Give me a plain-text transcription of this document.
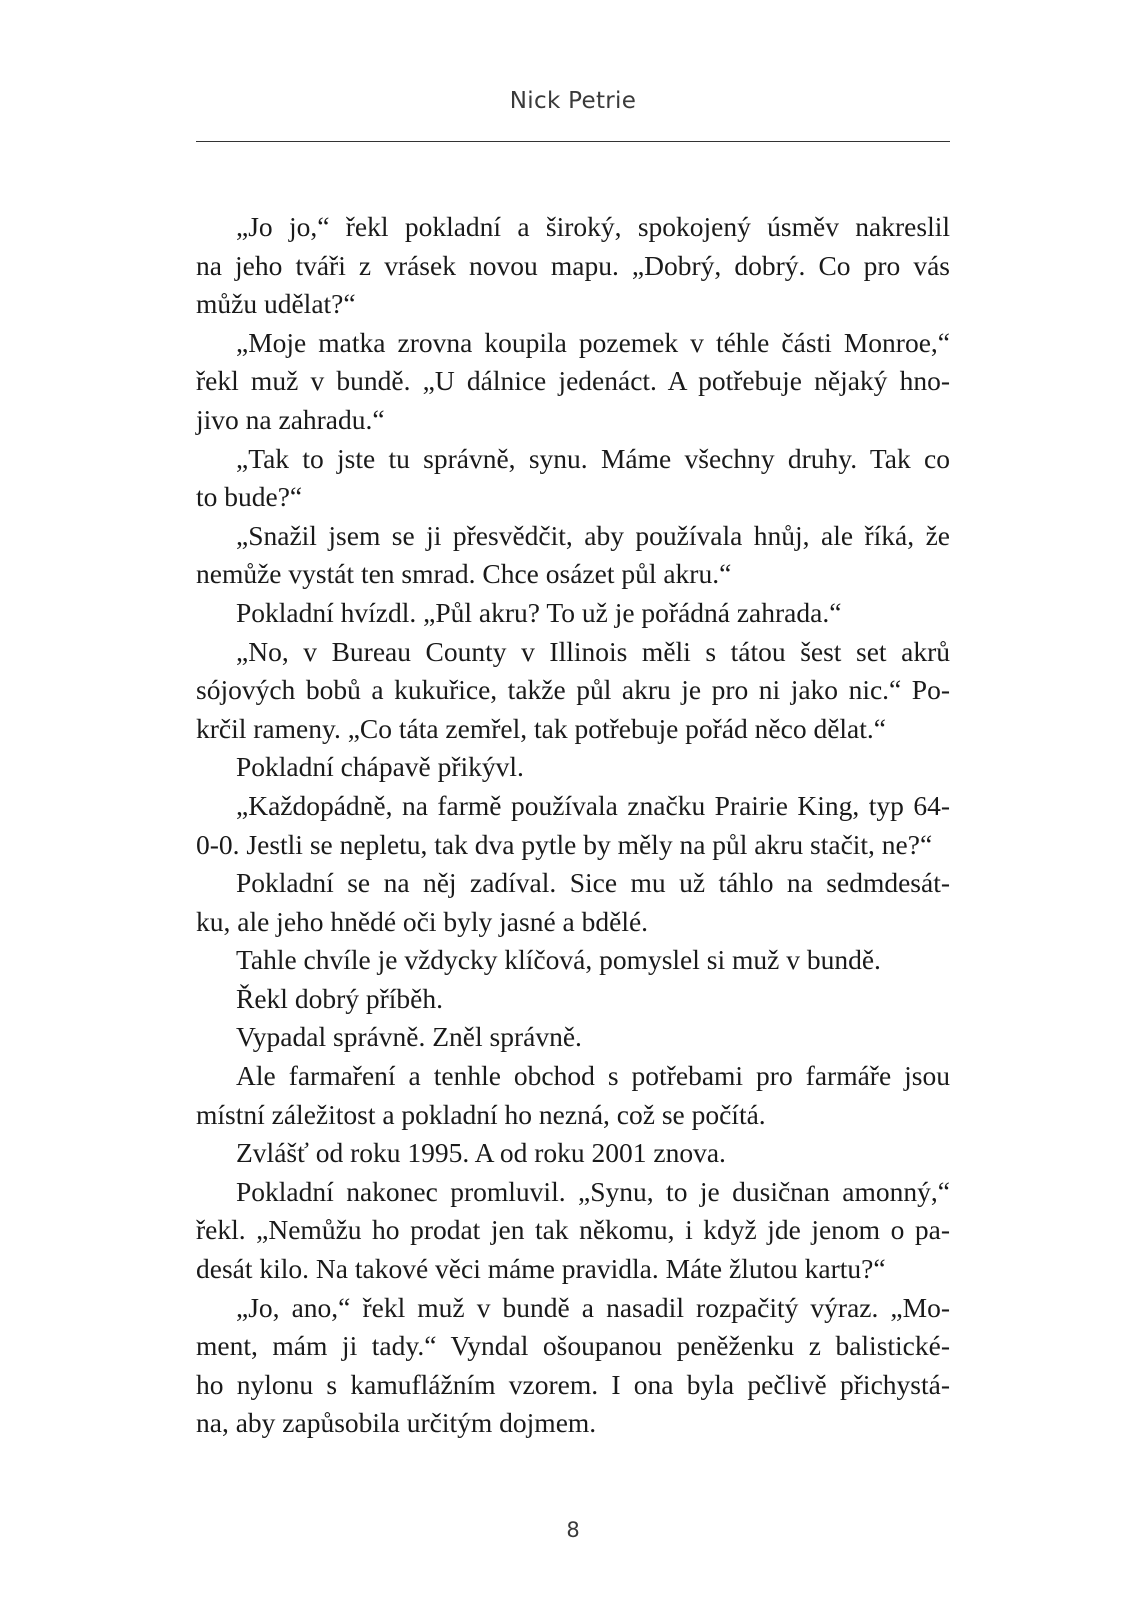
Nick Petrie
„Jo jo,“ řekl pokladní a široký, spokojený úsměv nakreslil
na jeho tváři z vrásek novou mapu. „Dobrý, dobrý. Co pro vás
můžu udělat?“
„Moje matka zrovna koupila pozemek v téhle části Monroe,“
řekl muž v bundě. „U dálnice jedenáct. A potřebuje nějaký hno-
jivo na zahradu.“
„Tak to jste tu správně, synu. Máme všechny druhy. Tak co
to bude?“
„Snažil jsem se ji přesvědčit, aby používala hnůj, ale říká, že
nemůže vystát ten smrad. Chce osázet půl akru.“
Pokladní hvízdl. „Půl akru? To už je pořádná zahrada.“
„No, v Bureau County v Illinois měli s tátou šest set akrů
sójových bobů a kukuřice, takže půl akru je pro ni jako nic.“ Po-
krčil rameny. „Co táta zemřel, tak potřebuje pořád něco dělat.“
Pokladní chápavě přikývl.
„Každopádně, na farmě používala značku Prairie King, typ 64-
0-0. Jestli se nepletu, tak dva pytle by měly na půl akru stačit, ne?“
Pokladní se na něj zadíval. Sice mu už táhlo na sedmdesát-
ku, ale jeho hnědé oči byly jasné a bdělé.
Tahle chvíle je vždycky klíčová, pomyslel si muž v bundě.
Řekl dobrý příběh.
Vypadal správně. Zněl správně.
Ale farmaření a tenhle obchod s potřebami pro farmáře jsou
místní záležitost a pokladní ho nezná, což se počítá.
Zvlášť od roku 1995. A od roku 2001 znova.
Pokladní nakonec promluvil. „Synu, to je dusičnan amonný,“
řekl. „Nemůžu ho prodat jen tak někomu, i když jde jenom o pa-
desát kilo. Na takové věci máme pravidla. Máte žlutou kartu?“
„Jo, ano,“ řekl muž v bundě a nasadil rozpačitý výraz. „Mo-
ment, mám ji tady.“ Vyndal ošoupanou peněženku z balistické-
ho nylonu s kamuflážním vzorem. I ona byla pečlivě přichystá-
na, aby zapůsobila určitým dojmem.
8
